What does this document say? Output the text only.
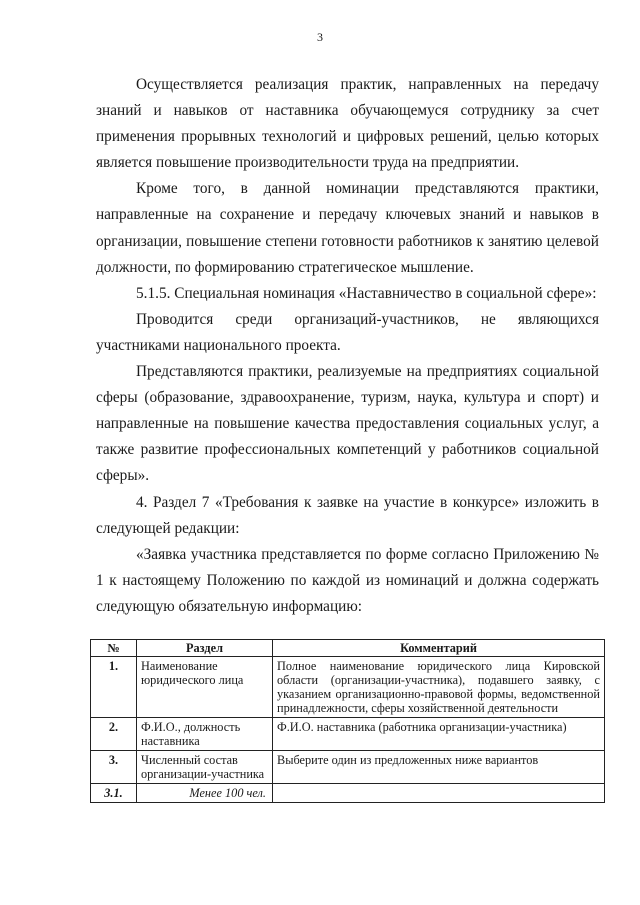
3

Осуществляется реализация практик, направленных на передачу знаний и навыков от наставника обучающемуся сотруднику за счет применения прорывных технологий и цифровых решений, целью которых является повышение производительности труда на предприятии.

Кроме того, в данной номинации представляются практики, направленные на сохранение и передачу ключевых знаний и навыков в организации, повышение степени готовности работников к занятию целевой должности, по формированию стратегическое мышление.

5.1.5. Специальная номинация «Наставничество в социальной сфере»:

Проводится среди организаций-участников, не являющихся участниками национального проекта.

Представляются практики, реализуемые на предприятиях социальной сферы (образование, здравоохранение, туризм, наука, культура и спорт) и направленные на повышение качества предоставления социальных услуг, а также развитие профессиональных компетенций у работников социальной сферы».

4. Раздел 7 «Требования к заявке на участие в конкурсе» изложить в следующей редакции:

«Заявка участника представляется по форме согласно Приложению № 1 к настоящему Положению по каждой из номинаций и должна содержать следующую обязательную информацию:

№	Раздел	Комментарий
1.	Наименование юридического лица	Полное наименование юридического лица Кировской области (организации-участника), подавшего заявку, с указанием организационно-правовой формы, ведомственной принадлежности, сферы хозяйственной деятельности
2.	Ф.И.О., должность наставника	Ф.И.О. наставника (работника организации-участника)
3.	Численный состав организации-участника	Выберите один из предложенных ниже вариантов
3.1.	Менее 100 чел.	
